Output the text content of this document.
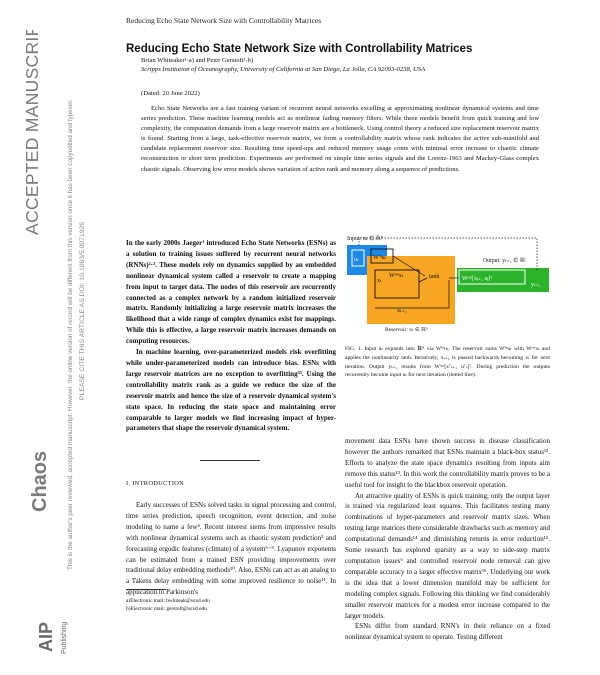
ACCEPTED MANUSCRIPT	This is the author's peer reviewed, accepted manuscript. However, the online version of record will be different from this version once it has been copyedited and typeset. PLEASE CITE THIS ARTICLE AS DOI: 10.1063/5.0071926
Chaos
AIP Publishing
Reducing Echo State Network Size with Controllability Matrices
Reducing Echo State Network Size with Controllability Matrices
Brian Whiteaker¹·a) and Peter Gerstoft¹·b)
Scripps Institution of Oceanography, University of California at San Diego, La Jolla, CA 92093-0238, USA
(Dated: 20 June 2022)
Echo State Networks are a fast training variant of recurrent neural networks excelling at approximating nonlinear dynamical systems and time series prediction. These machine learning models act as nonlinear fading memory filters. While these models benefit from quick training and low complexity, the computation demands from a large reservoir matrix are a bottleneck. Using control theory a reduced size replacement reservoir matrix is found. Starting from a large, task-effective reservoir matrix, we form a controllability matrix whose rank indicates the active sub-manifold and candidate replacement reservoir size. Resulting time speed-ups and reduced memory usage come with minimal error increase to chaotic climate reconstruction or short term prediction. Experiments are performed on simple time series signals and the Lorenz-1963 and Mackey-Glass complex chaotic signals. Observing low error models shows variation of active rank and memory along a sequence of predictions.

In the early 2000s Jaeger¹ introduced Echo State Networks (ESNs) as a solution to training issues suffered by recurrent neural networks (RNNs)²·³. These models rely on dynamics supplied by an embedded nonlinear dynamical system called a reservoir to create a mapping from input to target data. The nodes of this reservoir are recurrently connected as a complex network by a random initialized reservoir matrix. Randomly initializing a large reservoir matrix increases the likelihood that a wide range of complex dynamics exist for mappings. While this is effective, a large reservoir matrix increases demands on computing resources.

In machine learning, over-parameterized models risk overfitting while under-parameterized models can introduce bias. ESNs with large reservoir matrices are no exception to overfitting³³. Using the controllability matrix rank as a guide we reduce the size of the reservoir matrix and hence the size of a reservoir dynamical system's state space. In reducing the state space and maintaining error comparable to larger models we find increasing impact of hyper-parameters that shape the reservoir dynamical system.

I. INTRODUCTION

Early successes of ESNs solved tasks in signal processing and control, time series prediction, speech recognition, event detection, and noise modeling to name a few⁴. Recent interest stems from impressive results with nonlinear dynamical systems such as chaotic system prediction⁵ and forecasting ergodic features (climate) of a system⁶⁻⁹. Lyapunov exponents can be estimated from a trained ESN providing improvements over traditional delay embedding methods¹⁰. Also, ESNs can act as an analog to a Takens delay embedding with some improved resilience to noise¹¹. In application to Parkinson's

a)Electronic mail: bwhiteak@ucsd.edu
b)Electronic mail: gerstoft@ucsd.edu
Input: uₜ ∈ ℝᴷ
uₜ Wⁱⁿuₜ
xₜ
Wʳᵉˢxₜ	tanh
xₜ₊₁
Reservoir: xₜ ∈ ℝᴺ
Output: yₜ₊₁ ∈ ℝᴸ
Wᵒᵘᵗ[xⱼ₊₁ uⱼ]ᵀ
yₜ₊₁
FIG. 1. Input uₜ expands into ℝᴺ via Wⁱⁿuₜ. The reservoir sums Wⁱⁿuₜ with Wʳᵉˢxₜ and applies the nonlinearity tanh. Iteratively, xₜ₊₁ is passed backwards becoming xₜ for next iteration. Output yₜ₊₁ results from Wᵒᵘᵗ[xᵀₜ₊₁ uᵀₜ]ᵀ. During prediction the outputs recurrently become input uₜ for next iteration (dotted line).

movement data ESNs have shown success in disease classification however the authors remarked that ESNs maintain a black-box status¹². Efforts to analyze the state space dynamics resulting from inputs aim remove this status¹³. In this work the controllability matrix proves to be a useful tool for insight to the blackbox reservoir operation.

An attractive quality of ESNs is quick training; only the output layer is trained via regularized least squares. This facilitates testing many combinations of hyper-parameters and reservoir matrix sizes. When testing large matrices there considerable drawbacks such as memory and computational demands¹⁴ and diminishing returns in error reduction¹⁵. Some research has explored sparsity as a way to side-step matrix computation issues⁶ and controlled reservoir node removal can give comparable accuracy to a larger effective matrix¹⁶. Underlying our work is the idea that a lower dimension manifold may be sufficient for modeling complex signals. Following this thinking we find considerably smaller reservoir matrices for a modest error increase compared to the larger models.

ESNs differ from standard RNN's in their reliance on a fixed nonlinear dynamical system to operate. Testing different
